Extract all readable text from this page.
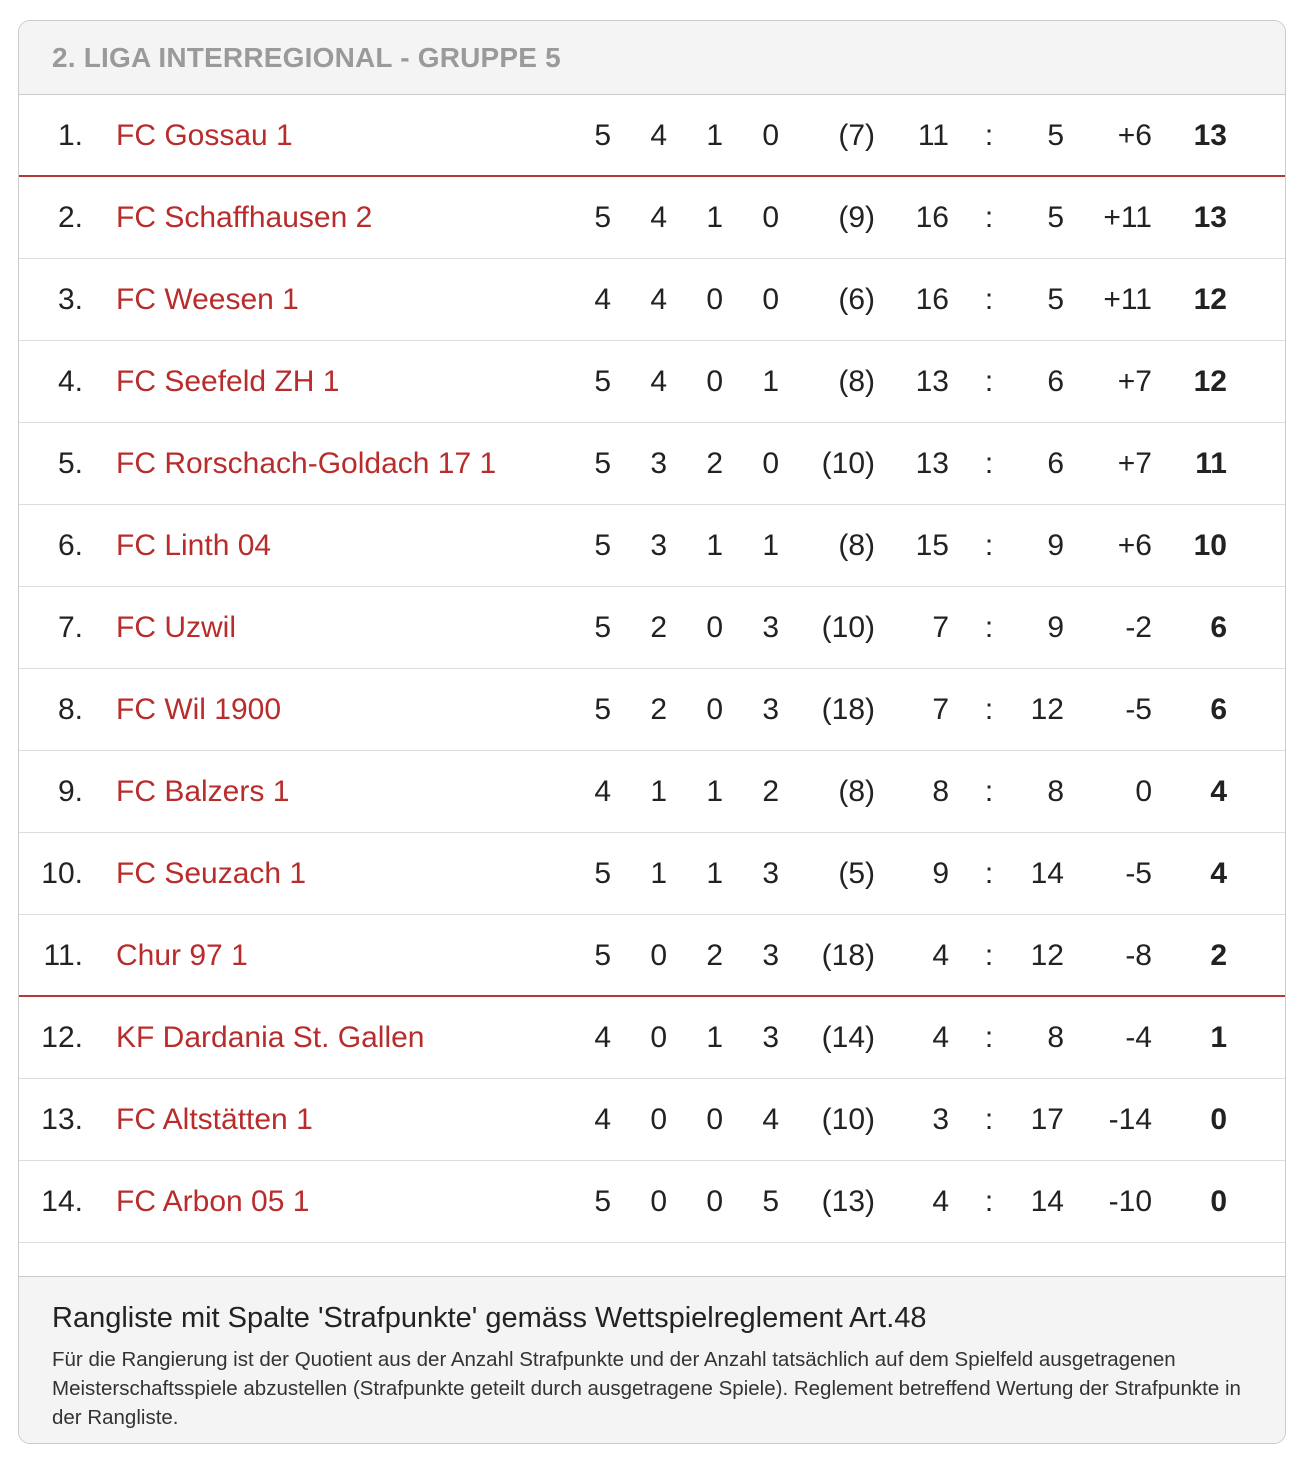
2. LIGA INTERREGIONAL - GRUPPE 5
1. FC Gossau 1	5	4	1	0	(7)	11 :	5	+6	13
2. FC Schaffhausen 2	5	4	1	0	(9)	16 :	5	+11	13
3. FC Weesen 1	4	4	0	0	(6)	16 :	5	+11	12
4. FC Seefeld ZH 1	5	4	0	1	(8)	13 :	6	+7	12
5. FC Rorschach-Goldach 17 1	5	3	2	0	(10)	13 :	6	+7	11
6. FC Linth 04	5	3	1	1	(8)	15 :	9	+6	10
7. FC Uzwil	5	2	0	3	(10)	7 :	9	-2	6
8. FC Wil 1900	5	2	0	3	(18)	7 :	12	-5	6
9. FC Balzers 1	4	1	1	2	(8)	8 :	8	0	4
10. FC Seuzach 1	5	1	1	3	(5)	9 :	14	-5	4
11. Chur 97 1	5	0	2	3	(18)	4 :	12	-8	2
12. KF Dardania St. Gallen	4	0	1	3	(14)	4 :	8	-4	1
13. FC Altstätten 1	4	0	0	4	(10)	3 :	17	-14	0
14. FC Arbon 05 1	5	0	0	5	(13)	4 :	14	-10	0

Rangliste mit Spalte 'Strafpunkte' gemäss Wettspielreglement Art.48

Für die Rangierung ist der Quotient aus der Anzahl Strafpunkte und der Anzahl tatsächlich auf dem Spielfeld ausgetragenen Meisterschaftsspiele abzustellen (Strafpunkte geteilt durch ausgetragene Spiele). Reglement betreffend Wertung der Strafpunkte in der Rangliste.
